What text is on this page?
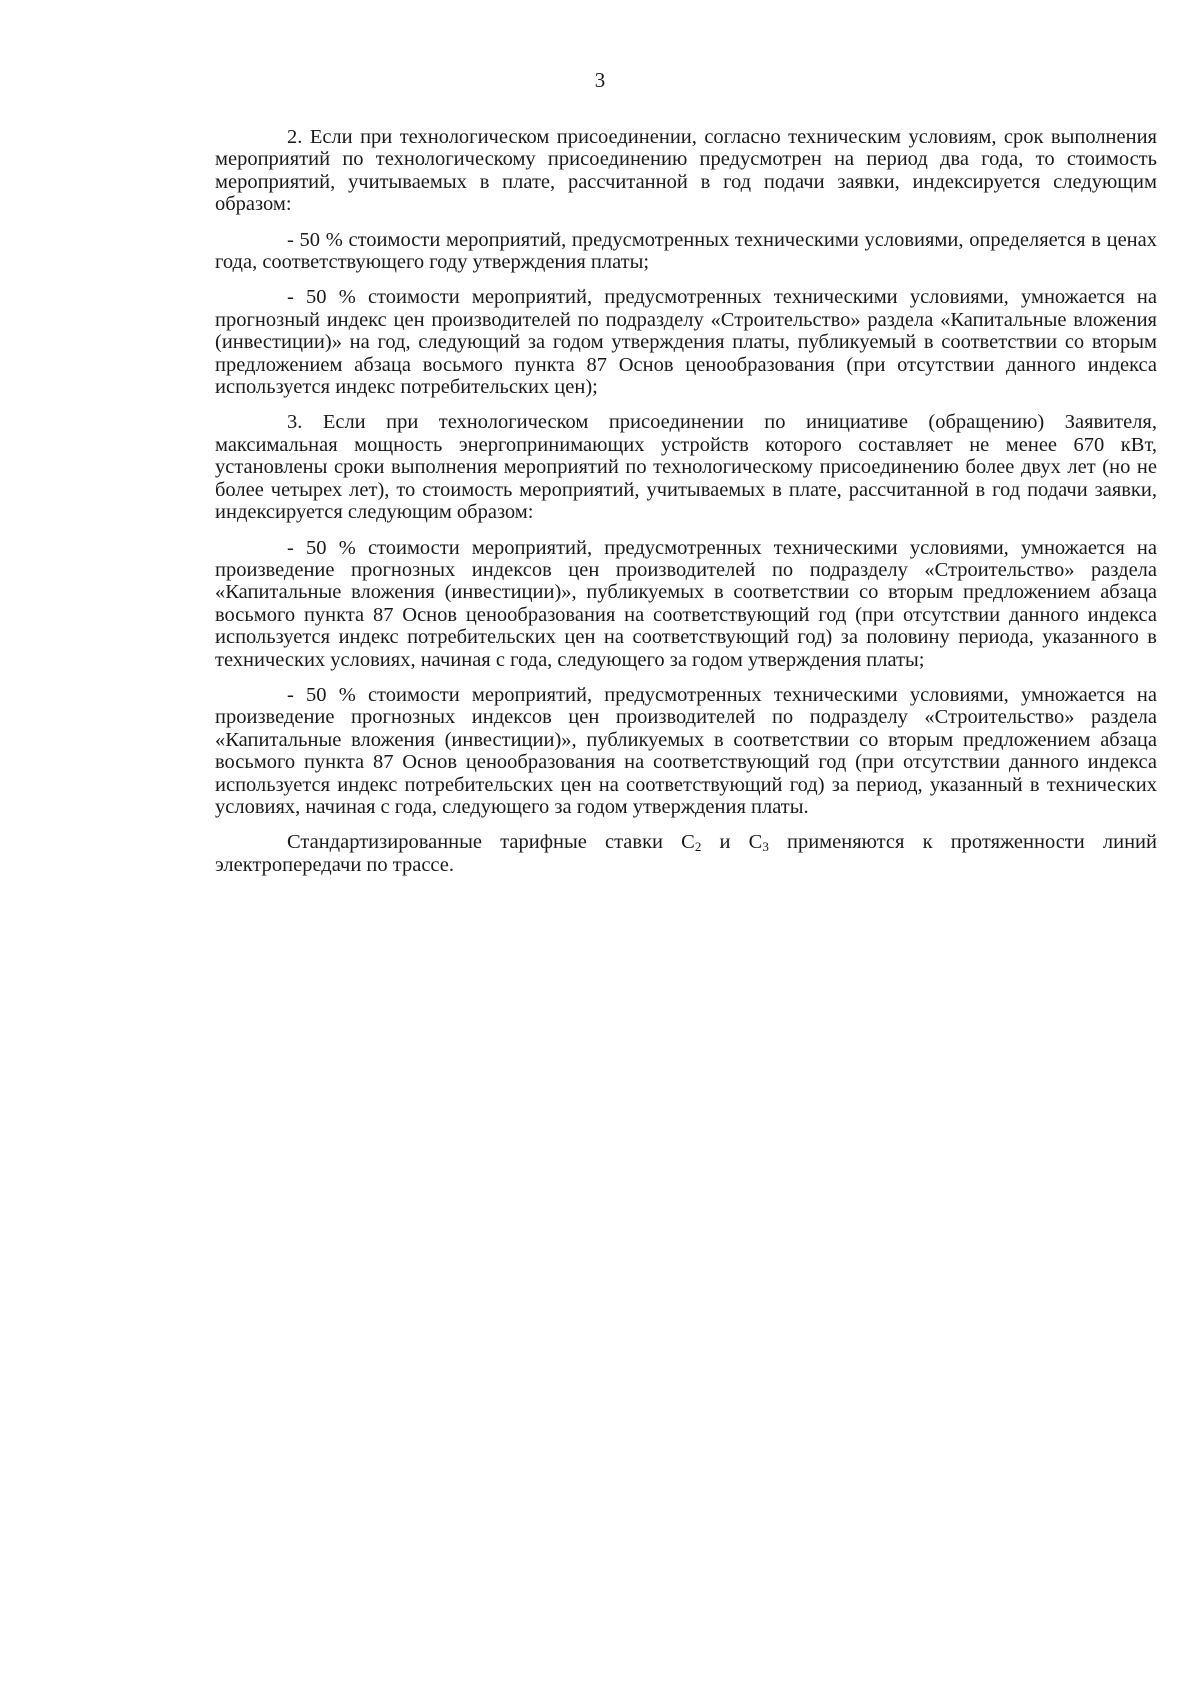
3

2. Если при технологическом присоединении, согласно техническим условиям, срок выполнения мероприятий по технологическому присоединению предусмотрен на период два года, то стоимость мероприятий, учитываемых в плате, рассчитанной в год подачи заявки, индексируется следующим образом:

- 50 % стоимости мероприятий, предусмотренных техническими условиями, определяется в ценах года, соответствующего году утверждения платы;

- 50 % стоимости мероприятий, предусмотренных техническими условиями, умножается на прогнозный индекс цен производителей по подразделу «Строительство» раздела «Капитальные вложения (инвестиции)» на год, следующий за годом утверждения платы, публикуемый в соответствии со вторым предложением абзаца восьмого пункта 87 Основ ценообразования (при отсутствии данного индекса используется индекс потребительских цен);

3. Если при технологическом присоединении по инициативе (обращению) Заявителя, максимальная мощность энергопринимающих устройств которого составляет не менее 670 кВт, установлены сроки выполнения мероприятий по технологическому присоединению более двух лет (но не более четырех лет), то стоимость мероприятий, учитываемых в плате, рассчитанной в год подачи заявки, индексируется следующим образом:

- 50 % стоимости мероприятий, предусмотренных техническими условиями, умножается на произведение прогнозных индексов цен производителей по подразделу «Строительство» раздела «Капитальные вложения (инвестиции)», публикуемых в соответствии со вторым предложением абзаца восьмого пункта 87 Основ ценообразования на соответствующий год (при отсутствии данного индекса используется индекс потребительских цен на соответствующий год) за половину периода, указанного в технических условиях, начиная с года, следующего за годом утверждения платы;

- 50 % стоимости мероприятий, предусмотренных техническими условиями, умножается на произведение прогнозных индексов цен производителей по подразделу «Строительство» раздела «Капитальные вложения (инвестиции)», публикуемых в соответствии со вторым предложением абзаца восьмого пункта 87 Основ ценообразования на соответствующий год (при отсутствии данного индекса используется индекс потребительских цен на соответствующий год) за период, указанный в технических условиях, начиная с года, следующего за годом утверждения платы.

Стандартизированные тарифные ставки $С_2$ и $С_3$ применяются к протяженности линий электропередачи по трассе.
